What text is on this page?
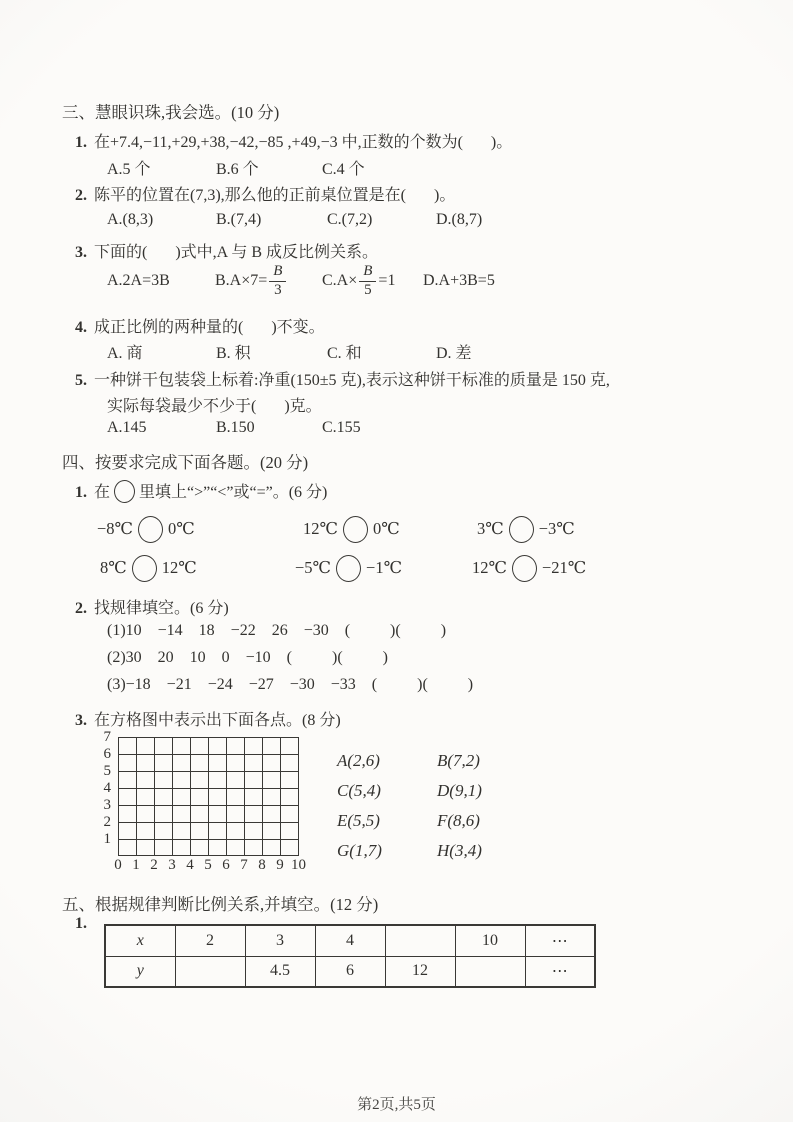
三、慧眼识珠,我会选。(10 分)
1. 在+7.4,−11,+29,+38,−42,−85 ,+49,−3 中,正数的个数为(       )。
A.5 个	B.6 个	C.4 个
2. 陈平的位置在(7,3),那么他的正前桌位置是在(       )。
A.(8,3)	B.(7,4)	C.(7,2)	D.(8,7)
3. 下面的(       )式中,A 与 B 成反比例关系。
A.2A=3B	$B.A\times 7= \frac{B}{3} C.A\times \frac{B}{5} =1$ D.A+3B=5
4. 成正比例的两种量的(       )不变。
A. 商	B. 积	C. 和	D. 差
5. 一种饼干包装袋上标着:净重(150±5 克),表示这种饼干标准的质量是 150 克,
实际每袋最少不少于(       )克。
A.145	B.150	C.155
四、按要求完成下面各题。(20 分)
1. 在 里填上“>”“<”或“=”。(6 分)
−8℃ 0℃	12℃ 0℃	3℃ −3℃
8℃ 12℃	−5℃ −1℃	12℃ −21℃
2. 找规律填空。(6 分)
(1)10    −14    18    −22    26    −30    (          )(          )
(2)30    20    10    0    −10    (          )(          )
(3)−18    −21    −24    −27    −30    −33    (          )(          )
3. 在方格图中表示出下面各点。(8 分)
7
6
5
4
3
2
1
0 1 2 3 4 5 6 7 8 9 10
A(2,6)	B(7,2)
C(5,4)	D(9,1)
E(5,5)	F(8,6)
G(1,7)	H(3,4)
五、根据规律判断比例关系,并填空。(12 分)
1.
x	2	3	4		10	⋯
y		4.5	6	12		⋯
第2页,共5页
